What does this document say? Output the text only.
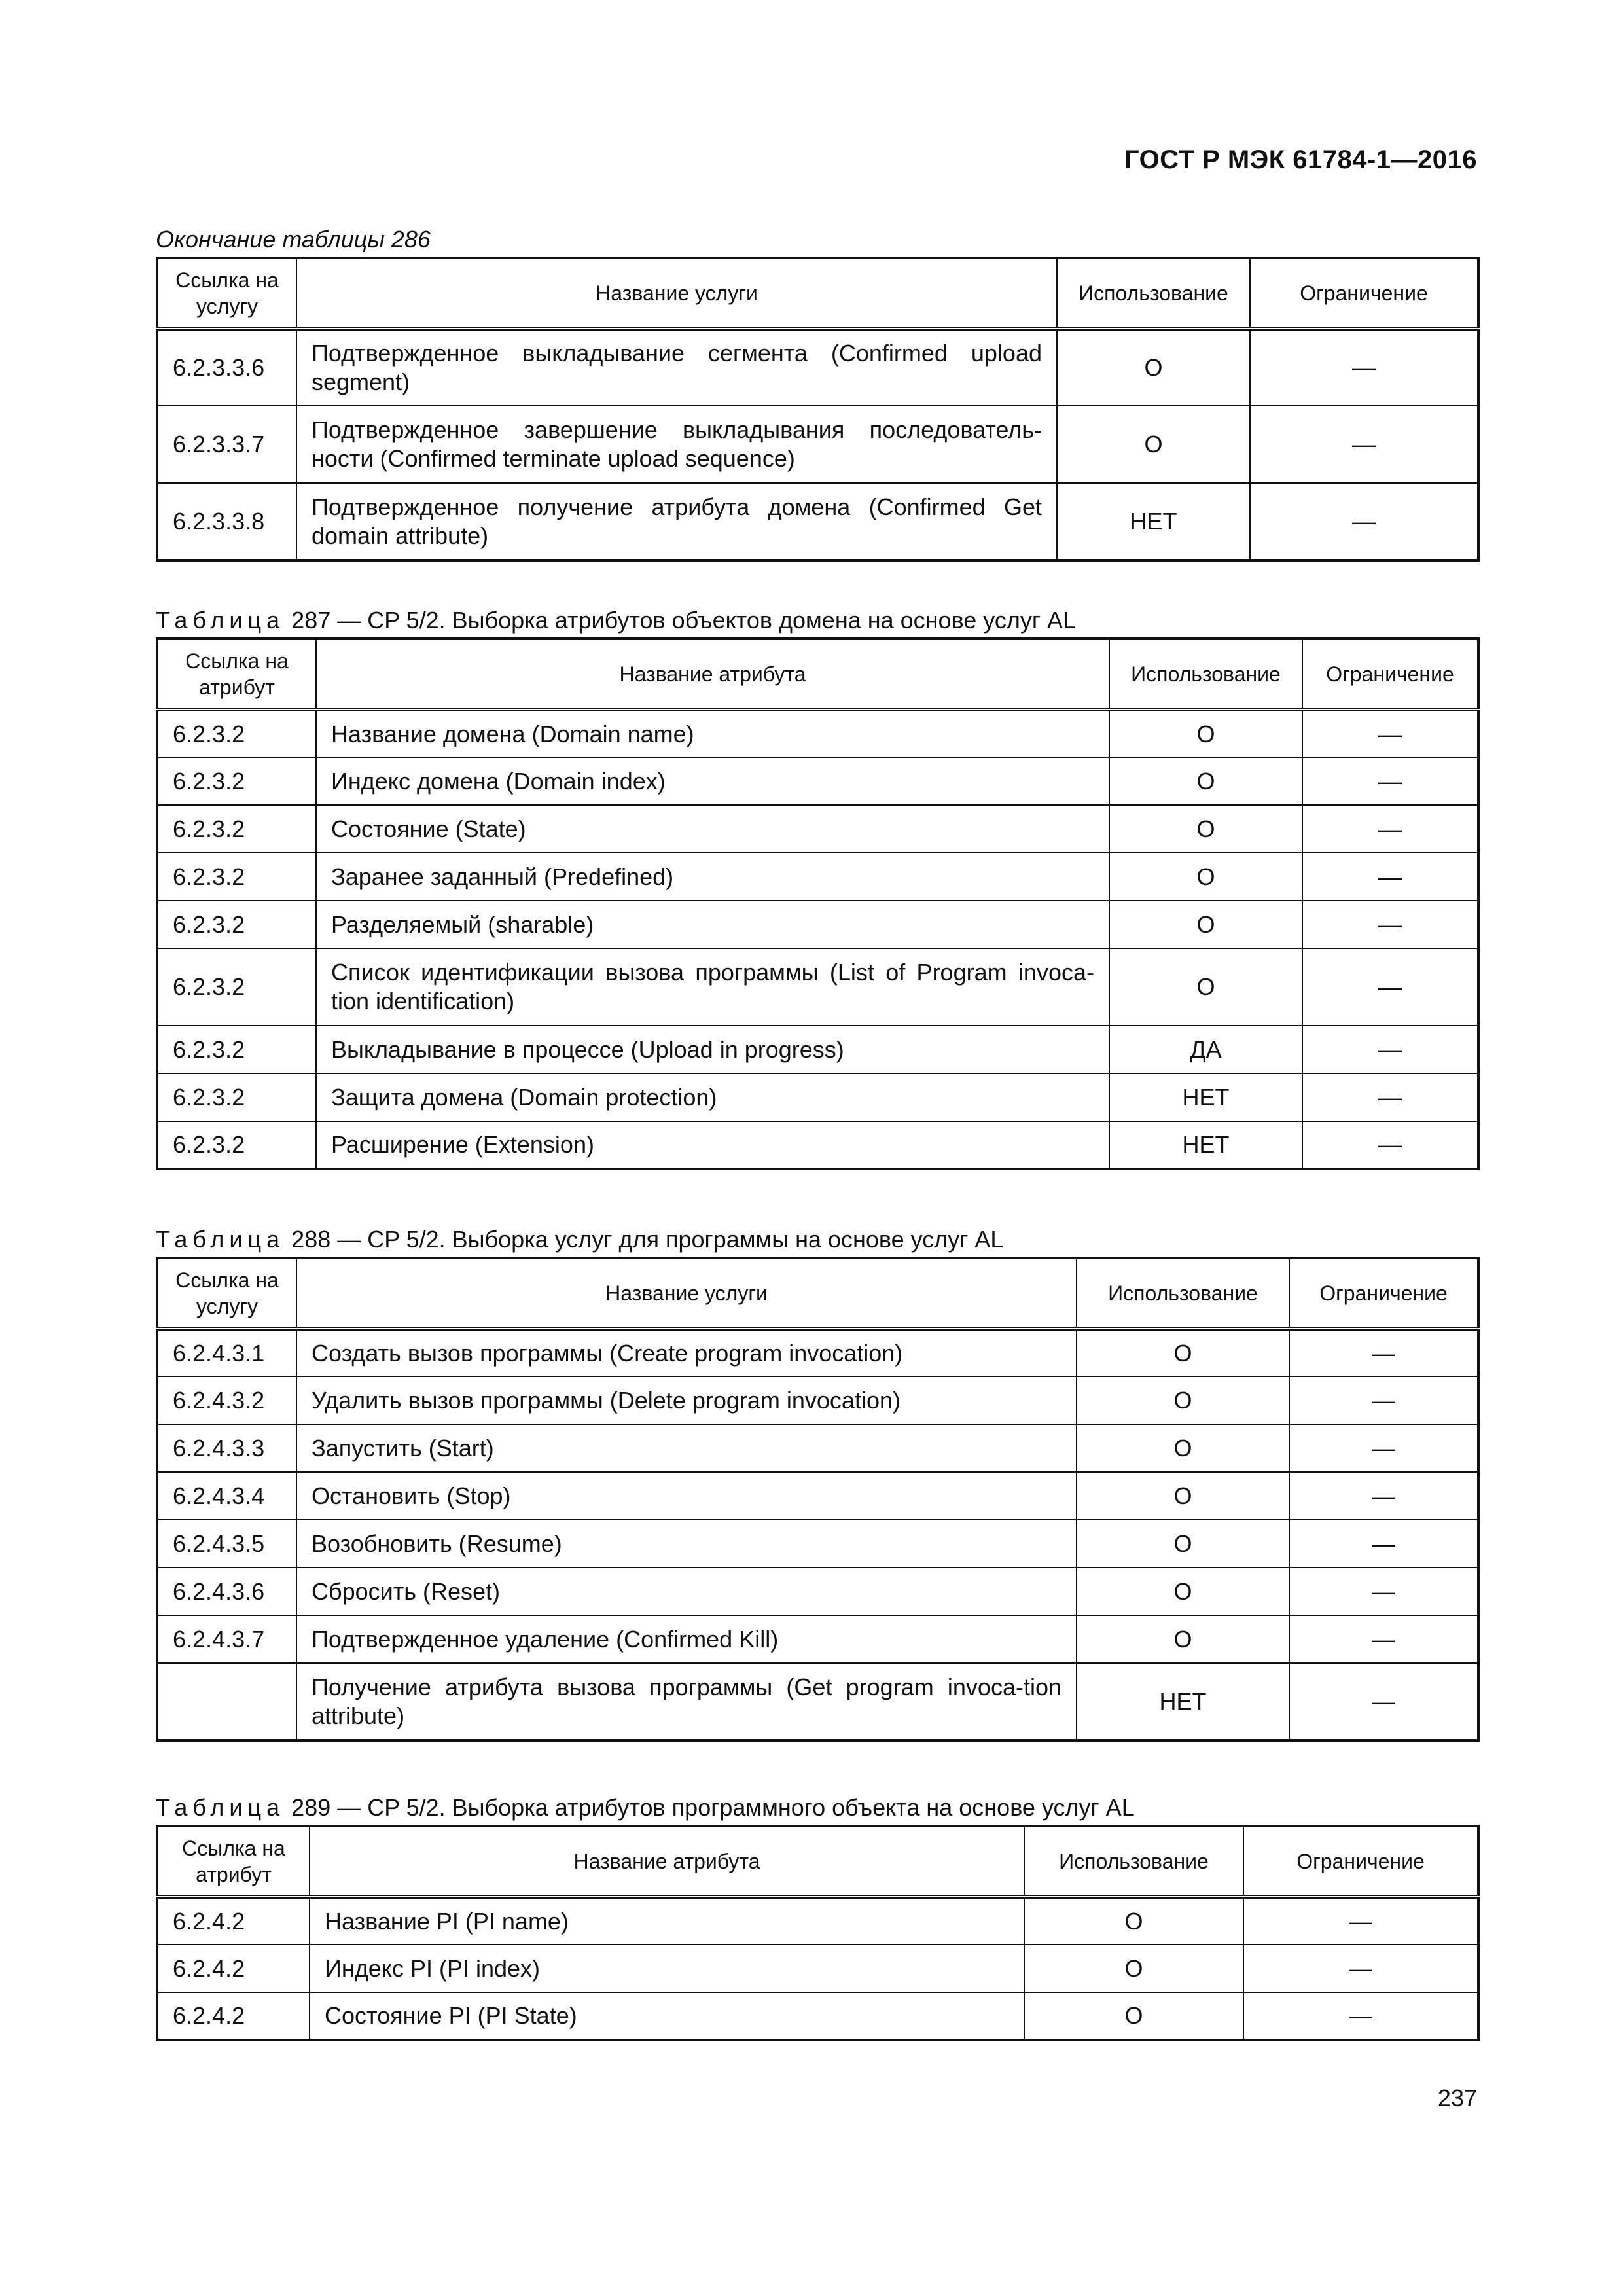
ГОСТ Р МЭК 61784-1—2016
Окончание таблицы 286
Ссылка на услугу	Название услуги	Использование	Ограничение
6.2.3.3.6	Подтвержденное выкладывание сегмента (Confirmed upload segment)	О	—
6.2.3.3.7	Подтвержденное завершение выкладывания последователь-ности (Confirmed terminate upload sequence)	О	—
6.2.3.3.8	Подтвержденное получение атрибута домена (Confirmed Get domain attribute)	НЕТ	—
Таблица 287 — CP 5/2. Выборка атрибутов объектов домена на основе услуг AL
Ссылка на атрибут	Название атрибута	Использование	Ограничение
6.2.3.2	Название домена (Domain name)	О	—
6.2.3.2	Индекс домена (Domain index)	О	—
6.2.3.2	Состояние (State)	О	—
6.2.3.2	Заранее заданный (Predefined)	О	—
6.2.3.2	Разделяемый (sharable)	О	—
6.2.3.2	Список идентификации вызова программы (List of Program invoca-tion identification)	О	—
6.2.3.2	Выкладывание в процессе (Upload in progress)	ДА	—
6.2.3.2	Защита домена (Domain protection)	НЕТ	—
6.2.3.2	Расширение (Extension)	НЕТ	—
Таблица 288 — CP 5/2. Выборка услуг для программы на основе услуг AL
Ссылка на услугу	Название услуги	Использование	Ограничение
6.2.4.3.1	Создать вызов программы (Create program invocation)	О	—
6.2.4.3.2	Удалить вызов программы (Delete program invocation)	О	—
6.2.4.3.3	Запустить (Start)	О	—
6.2.4.3.4	Остановить (Stop)	О	—
6.2.4.3.5	Возобновить (Resume)	О	—
6.2.4.3.6	Сбросить (Reset)	О	—
6.2.4.3.7	Подтвержденное удаление (Confirmed Kill)	О	—
	Получение атрибута вызова программы (Get program invoca-tion attribute)	НЕТ	—
Таблица 289 — CP 5/2. Выборка атрибутов программного объекта на основе услуг AL
Ссылка на атрибут	Название атрибута	Использование	Ограничение
6.2.4.2	Название PI (PI name)	О	—
6.2.4.2	Индекс PI (PI index)	О	—
6.2.4.2	Состояние PI (PI State)	О	—
237
